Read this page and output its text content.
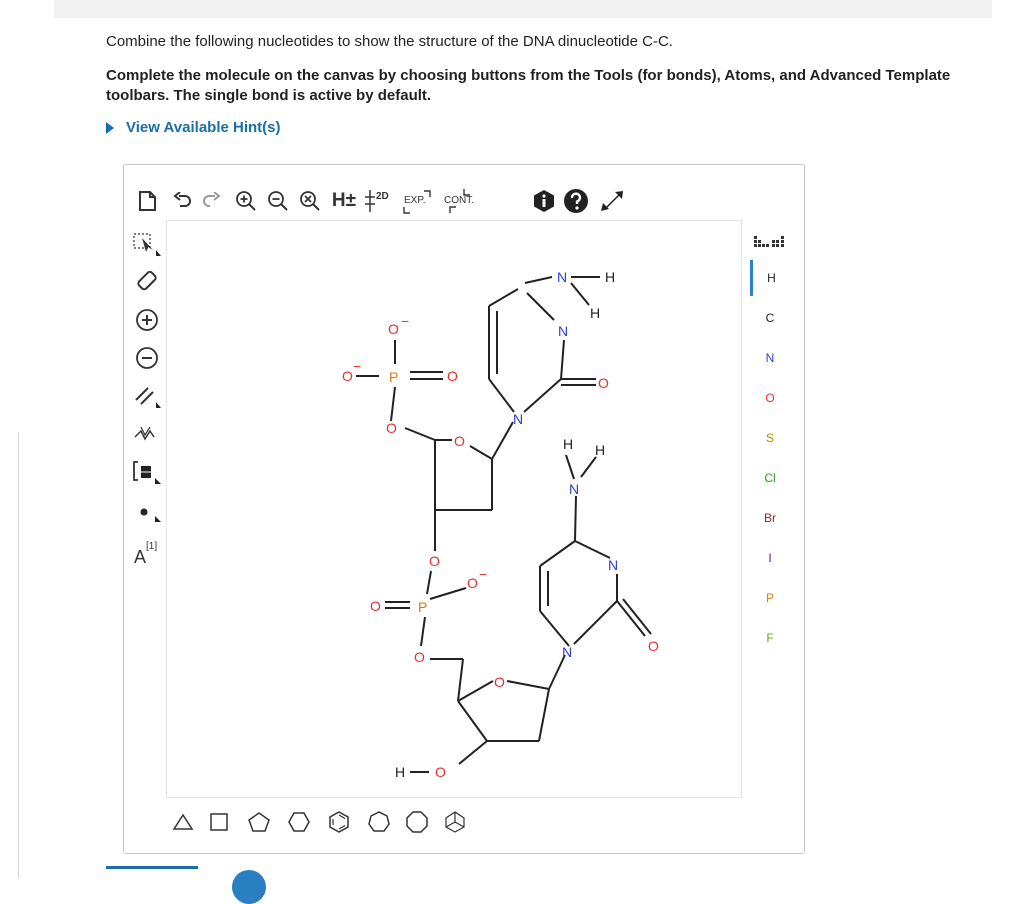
Combine the following nucleotides to show the structure of the DNA dinucleotide C-C.

Complete the molecule on the canvas by choosing buttons from the Tools (for bonds), Atoms, and Advanced Template toolbars. The single bond is active by default.

View Available Hint(s)
H± 2D EXP. CONT.
[1]
A
N	H
H
N
O
N
O −
O
−
P	O
O
O	H H
N
N
N	O
O
O
−
O	P
O
O
H O
H
C
N
O
S
Cl
Br
I
P
F
